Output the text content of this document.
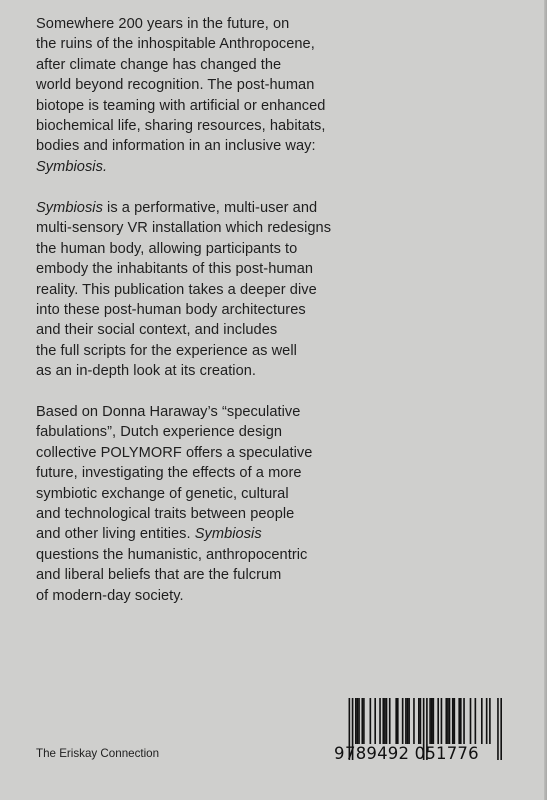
Somewhere 200 years in the future, on
the ruins of the inhospitable Anthropocene,
after climate change has changed the
world beyond recognition. The post-human
biotope is teaming with artificial or enhanced
biochemical life, sharing resources, habitats,
bodies and information in an inclusive way:
Symbiosis.
Symbiosis is a performative, multi-user and
multi-sensory VR installation which redesigns
the human body, allowing participants to
embody the inhabitants of this post-human
reality. This publication takes a deeper dive
into these post-human body architectures
and their social context, and includes
the full scripts for the experience as well
as an in-depth look at its creation.
Based on Donna Haraway’s “speculative
fabulations”, Dutch experience design
collective POLYMORF offers a speculative
future, investigating the effects of a more
symbiotic exchange of genetic, cultural
and technological traits between people
and other living entities. Symbiosis
questions the humanistic, anthropocentric
and liberal beliefs that are the fulcrum
of modern-day society.
The Eriskay Connection	9789492 051776
